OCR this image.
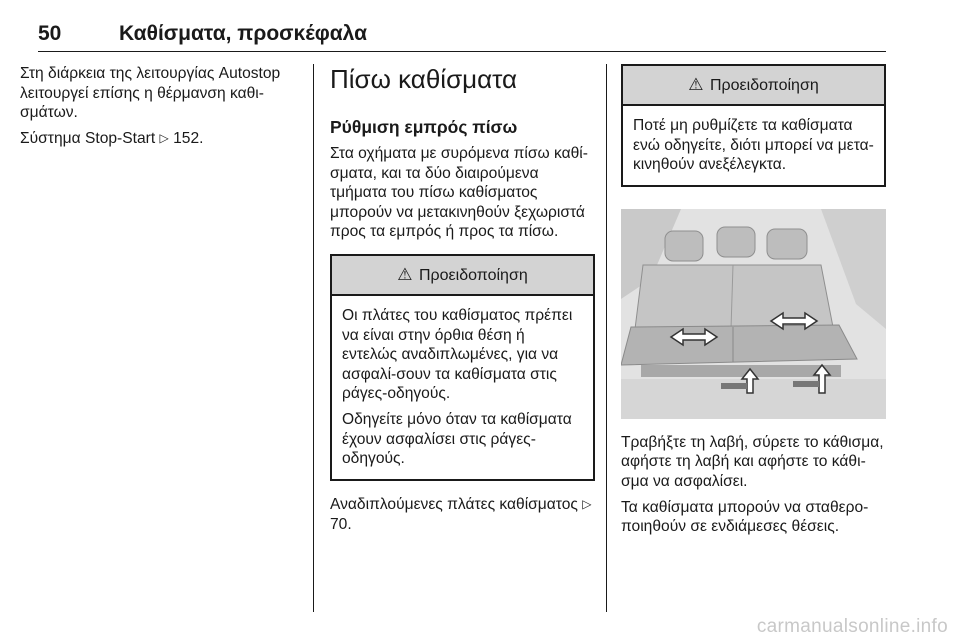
50	Καθίσματα, προσκέφαλα

Στη διάρκεια της λειτουργίας Autostop λειτουργεί επίσης η θέρμανση καθι-σμάτων.

Σύστημα Stop-Start ▷ 152.

Πίσω καθίσματα
Ρύθμιση εμπρός πίσω

Στα οχήματα με συρόμενα πίσω καθί-σματα, και τα δύο διαιρούμενα τμήματα του πίσω καθίσματος μπορούν να μετακινηθούν ξεχωριστά προς τα εμπρός ή προς τα πίσω.

⚠ Προειδοποίηση

Οι πλάτες του καθίσματος πρέπει να είναι στην όρθια θέση ή εντελώς αναδιπλωμένες, για να ασφαλί-σουν τα καθίσματα στις ράγες-οδηγούς.

Οδηγείτε μόνο όταν τα καθίσματα έχουν ασφαλίσει στις ράγες-οδηγούς.

Αναδιπλούμενες πλάτες καθίσματος ▷ 70.

⚠ Προειδοποίηση

Ποτέ μη ρυθμίζετε τα καθίσματα ενώ οδηγείτε, διότι μπορεί να μετα-κινηθούν ανεξέλεγκτα.

Τραβήξτε τη λαβή, σύρετε το κάθισμα, αφήστε τη λαβή και αφήστε το κάθι-σμα να ασφαλίσει.

Τα καθίσματα μπορούν να σταθερο-ποιηθούν σε ενδιάμεσες θέσεις.

carmanualsonline.info
